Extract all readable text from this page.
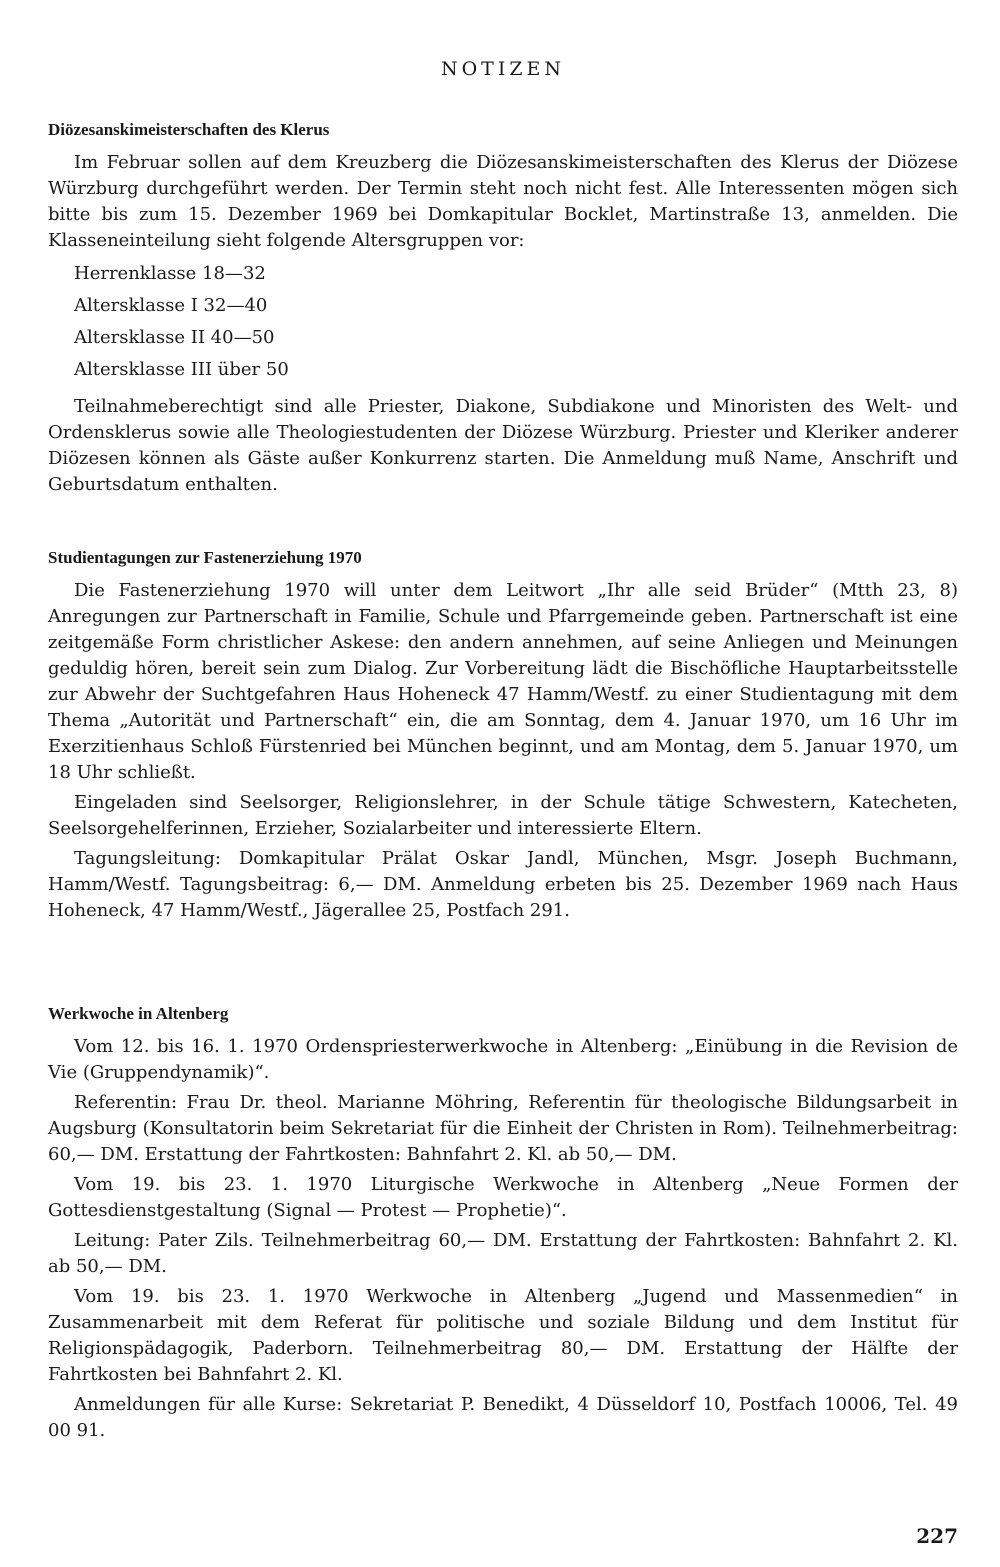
NOTIZEN
Diözesanskimeisterschaften des Klerus

Im Februar sollen auf dem Kreuzberg die Diözesanskimeisterschaften des Klerus der Diözese Würzburg durchgeführt werden. Der Termin steht noch nicht fest. Alle Interessenten mögen sich bitte bis zum 15. Dezember 1969 bei Domkapitular Bocklet, Martinstraße 13, anmelden. Die Klasseneinteilung sieht folgende Altersgruppen vor:

Herrenklasse 18—32
Altersklasse I 32—40
Altersklasse II 40—50
Altersklasse III über 50

Teilnahmeberechtigt sind alle Priester, Diakone, Subdiakone und Minoristen des Welt- und Ordensklerus sowie alle Theologiestudenten der Diözese Würzburg. Priester und Kleriker anderer Diözesen können als Gäste außer Konkurrenz starten. Die Anmeldung muß Name, Anschrift und Geburtsdatum enthalten.

Studientagungen zur Fastenerziehung 1970

Die Fastenerziehung 1970 will unter dem Leitwort „Ihr alle seid Brüder“ (Mtth 23, 8) Anregungen zur Partnerschaft in Familie, Schule und Pfarrgemeinde geben. Partnerschaft ist eine zeitgemäße Form christlicher Askese: den andern annehmen, auf seine Anliegen und Meinungen geduldig hören, bereit sein zum Dialog. Zur Vorbereitung lädt die Bischöfliche Hauptarbeitsstelle zur Abwehr der Suchtgefahren Haus Hoheneck 47 Hamm/Westf. zu einer Studientagung mit dem Thema „Autorität und Partnerschaft“ ein, die am Sonntag, dem 4. Januar 1970, um 16 Uhr im Exerzitienhaus Schloß Fürstenried bei München beginnt, und am Montag, dem 5. Januar 1970, um 18 Uhr schließt.

Eingeladen sind Seelsorger, Religionslehrer, in der Schule tätige Schwestern, Katecheten, Seelsorgehelferinnen, Erzieher, Sozialarbeiter und interessierte Eltern.

Tagungsleitung: Domkapitular Prälat Oskar Jandl, München, Msgr. Joseph Buchmann, Hamm/Westf. Tagungsbeitrag: 6,— DM. Anmeldung erbeten bis 25. Dezember 1969 nach Haus Hoheneck, 47 Hamm/Westf., Jägerallee 25, Postfach 291.

Werkwoche in Altenberg

Vom 12. bis 16. 1. 1970 Ordenspriesterwerkwoche in Altenberg: „Einübung in die Revision de Vie (Gruppendynamik)“.

Referentin: Frau Dr. theol. Marianne Möhring, Referentin für theologische Bildungsarbeit in Augsburg (Konsultatorin beim Sekretariat für die Einheit der Christen in Rom). Teilnehmerbeitrag: 60,— DM. Erstattung der Fahrtkosten: Bahnfahrt 2. Kl. ab 50,— DM.

Vom 19. bis 23. 1. 1970 Liturgische Werkwoche in Altenberg „Neue Formen der Gottesdienstgestaltung (Signal — Protest — Prophetie)“.

Leitung: Pater Zils. Teilnehmerbeitrag 60,— DM. Erstattung der Fahrtkosten: Bahnfahrt 2. Kl. ab 50,— DM.

Vom 19. bis 23. 1. 1970 Werkwoche in Altenberg „Jugend und Massenmedien“ in Zusammenarbeit mit dem Referat für politische und soziale Bildung und dem Institut für Religionspädagogik, Paderborn. Teilnehmerbeitrag 80,— DM. Erstattung der Hälfte der Fahrtkosten bei Bahnfahrt 2. Kl.

Anmeldungen für alle Kurse: Sekretariat P. Benedikt, 4 Düsseldorf 10, Postfach 10006, Tel. 49 00 91.

227
